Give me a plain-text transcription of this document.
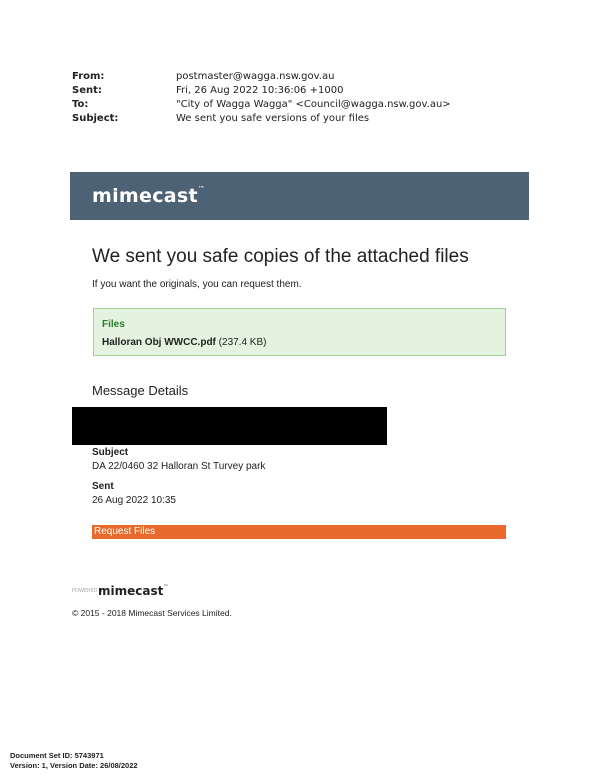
From:	postmaster@wagga.nsw.gov.au
Sent:	Fri, 26 Aug 2022 10:36:06 +1000
To:	"City of Wagga Wagga" <Council@wagga.nsw.gov.au>
Subject:	We sent you safe versions of your files
mimecast™
We sent you safe copies of the attached files
If you want the originals, you can request them.
Files
Halloran Obj WWCC.pdf (237.4 KB)
Message Details
Subject
DA 22/0460 32 Halloran St Turvey park
Sent
26 Aug 2022 10:35
Request Files
POWERED BY
mimecast™
© 2015 - 2018 Mimecast Services Limited.
Document Set ID: 5743971
Version: 1, Version Date: 26/08/2022
